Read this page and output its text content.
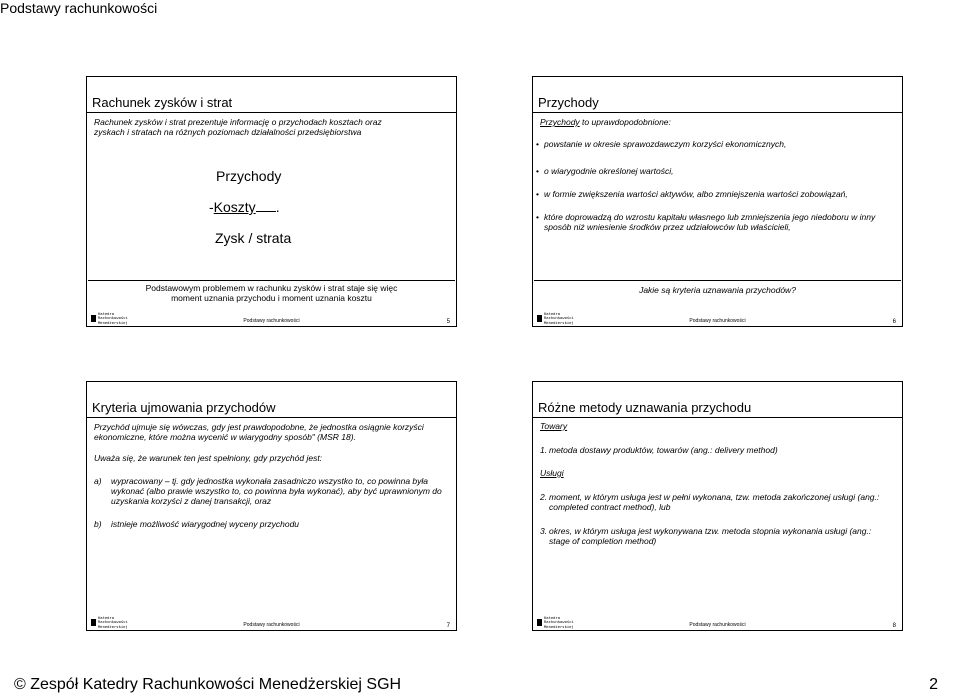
Podstawy rachunkowości
Rachunek zysków i strat
Rachunek zysków i strat prezentuje informację o przychodach kosztach oraz zyskach i stratach na różnych poziomach działalności przedsiębiorstwa
Przychody
-Koszty .
Zysk / strata
Podstawowym problemem w rachunku zysków i strat staje się więc moment uznania przychodu i moment uznania kosztu
Katedra
Rachunkowości
Menedżerskiej	Podstawy rachunkowości	5
Przychody
Przychody to uprawdopodobnione:
• powstanie w okresie sprawozdawczym korzyści ekonomicznych,
• o wiarygodnie określonej wartości,
• w formie zwiększenia wartości aktywów, albo zmniejszenia wartości zobowiązań,
• które doprowadzą do wzrostu kapitału własnego lub zmniejszenia jego niedoboru w inny sposób niż wniesienie środków przez udziałowców lub właścicieli,
Jakie są kryteria uznawania przychodów?
Katedra
Rachunkowości
Menedżerskiej	Podstawy rachunkowości	6
Kryteria ujmowania przychodów
Przychód ujmuje się wówczas, gdy jest prawdopodobne, że jednostka osiągnie korzyści ekonomiczne, które można wycenić w wiarygodny sposób" (MSR 18).
Uważa się, że warunek ten jest spełniony, gdy przychód jest:
a) wypracowany – tj. gdy jednostka wykonała zasadniczo wszystko to, co powinna była wykonać (albo prawie wszystko to, co powinna była wykonać), aby być uprawnionym do uzyskania korzyści z danej transakcji, oraz
b) istnieje możliwość wiarygodnej wyceny przychodu
Katedra
Rachunkowości
Menedżerskiej	Podstawy rachunkowości	7
Różne metody uznawania przychodu
Towary
1. metoda dostawy produktów, towarów (ang.: delivery method)
Usługi
2. moment, w którym usługa jest w pełni wykonana, tzw. metoda zakończonej usługi (ang.: completed contract method), lub
3. okres, w którym usługa jest wykonywana tzw. metoda stopnia wykonania usługi (ang.: stage of completion method)
Katedra
Rachunkowości
Menedżerskiej	Podstawy rachunkowości	8
© Zespół Katedry Rachunkowości Menedżerskiej SGH	2
